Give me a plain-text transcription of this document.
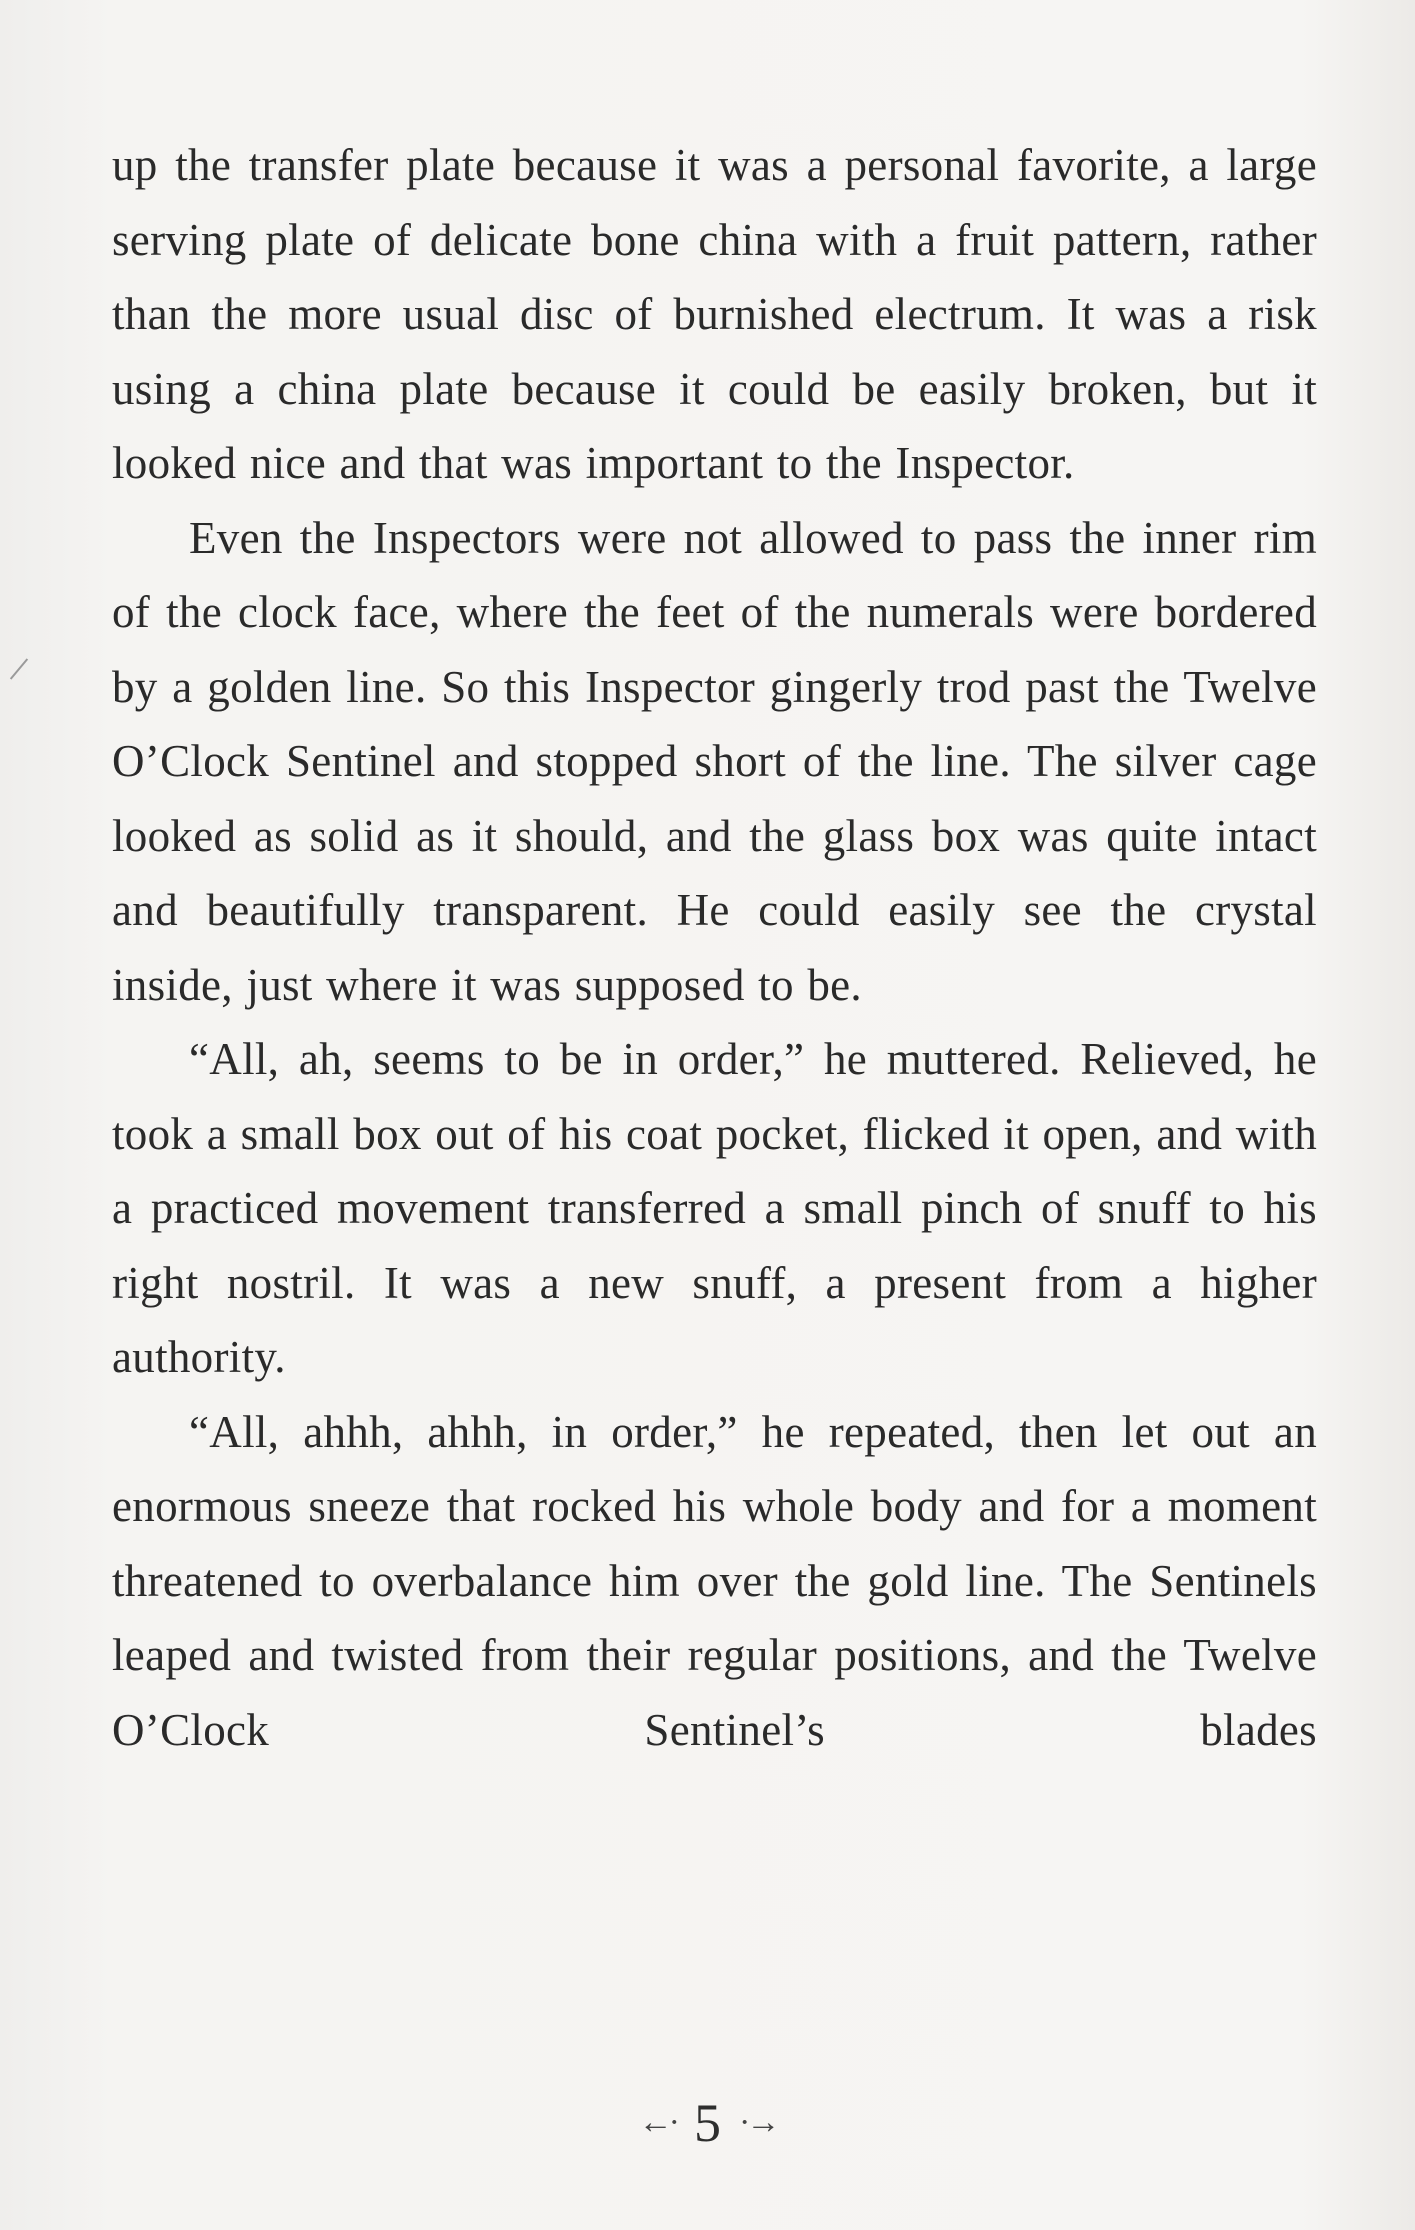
up the transfer plate because it was a personal favorite, a large serving plate of delicate bone china with a fruit pattern, rather than the more usual disc of burnished electrum. It was a risk using a china plate because it could be easily broken, but it looked nice and that was important to the Inspector.

Even the Inspectors were not allowed to pass the inner rim of the clock face, where the feet of the numerals were bordered by a golden line. So this Inspector gingerly trod past the Twelve O’Clock Sentinel and stopped short of the line. The silver cage looked as solid as it should, and the glass box was quite intact and beautifully transparent. He could easily see the crystal inside, just where it was supposed to be.

“All, ah, seems to be in order,” he muttered. Relieved, he took a small box out of his coat pocket, flicked it open, and with a practiced movement transferred a small pinch of snuff to his right nostril. It was a new snuff, a present from a higher authority.

“All, ahhh, ahhh, in order,” he repeated, then let out an enormous sneeze that rocked his whole body and for a moment threatened to overbalance him over the gold line. The Sentinels leaped and twisted from their regular positions, and the Twelve O’Clock Sentinel’s blades

←· 5 ·→
